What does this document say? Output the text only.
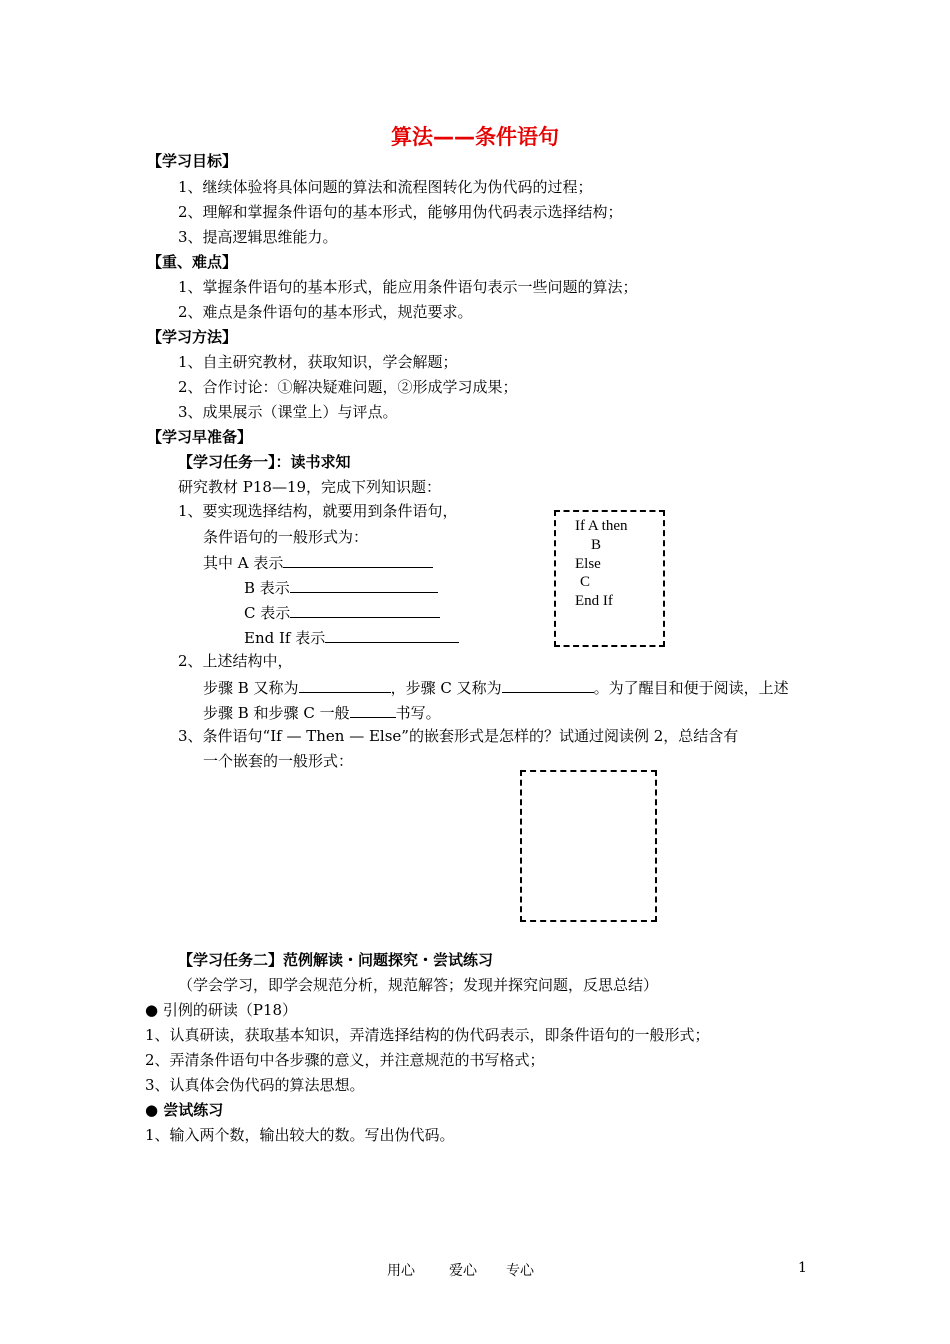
算法——条件语句
【学习目标】
1、继续体验将具体问题的算法和流程图转化为伪代码的过程；
2、理解和掌握条件语句的基本形式，能够用伪代码表示选择结构；
3、提高逻辑思维能力。
【重、难点】
1、掌握条件语句的基本形式，能应用条件语句表示一些问题的算法；
2、难点是条件语句的基本形式，规范要求。
【学习方法】
1、自主研究教材，获取知识，学会解题；
2、合作讨论：①解决疑难问题，②形成学习成果；
3、成果展示（课堂上）与评点。
【学习早准备】
【学习任务一】：读书求知
研究教材 P18—19，完成下列知识题：
1、要实现选择结构，就要用到条件语句，
条件语句的一般形式为：
其中 A 表示
B 表示
C 表示
End If 表示
If A then
B
Else
C
End If
2、上述结构中，
步骤 B 又称为	，步骤 C 又称为	。为了醒目和便于阅读，上述
步骤 B 和步骤 C 一般	书写。
3、条件语句“If — Then — Else”的嵌套形式是怎样的？试通过阅读例 2，总结含有
一个嵌套的一般形式：
【学习任务二】范例解读・问题探究・尝试练习
（学会学习，即学会规范分析，规范解答；发现并探究问题，反思总结）
● 引例的研读（P18）
1、认真研读，获取基本知识，弄清选择结构的伪代码表示，即条件语句的一般形式；
2、弄清条件语句中各步骤的意义，并注意规范的书写格式；
3、认真体会伪代码的算法思想。
● 尝试练习
1、输入两个数，输出较大的数。写出伪代码。
用心 爱心 专心	1
